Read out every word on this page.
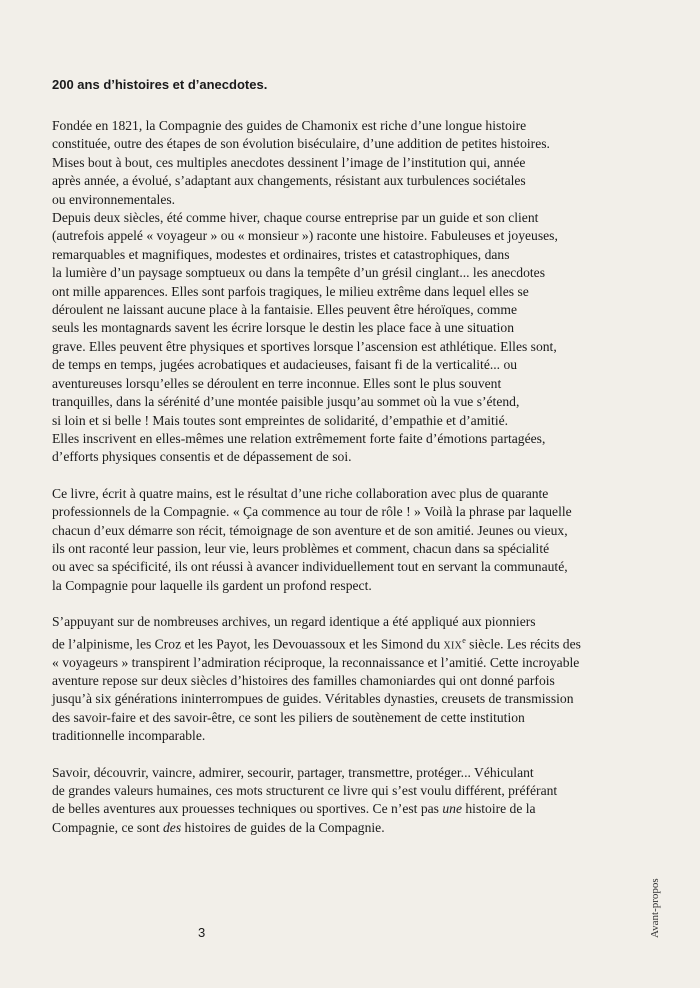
200 ans d’histoires et d’anecdotes.

Fondée en 1821, la Compagnie des guides de Chamonix est riche d’une longue histoire
constituée, outre des étapes de son évolution biséculaire, d’une addition de petites histoires.
Mises bout à bout, ces multiples anecdotes dessinent l’image de l’institution qui, année
après année, a évolué, s’adaptant aux changements, résistant aux turbulences sociétales
ou environnementales.
Depuis deux siècles, été comme hiver, chaque course entreprise par un guide et son client
(autrefois appelé « voyageur » ou « monsieur ») raconte une histoire. Fabuleuses et joyeuses,
remarquables et magnifiques, modestes et ordinaires, tristes et catastrophiques, dans
la lumière d’un paysage somptueux ou dans la tempête d’un grésil cinglant... les anecdotes
ont mille apparences. Elles sont parfois tragiques, le milieu extrême dans lequel elles se
déroulent ne laissant aucune place à la fantaisie. Elles peuvent être héroïques, comme
seuls les montagnards savent les écrire lorsque le destin les place face à une situation
grave. Elles peuvent être physiques et sportives lorsque l’ascension est athlétique. Elles sont,
de temps en temps, jugées acrobatiques et audacieuses, faisant fi de la verticalité... ou
aventureuses lorsqu’elles se déroulent en terre inconnue. Elles sont le plus souvent
tranquilles, dans la sérénité d’une montée paisible jusqu’au sommet où la vue s’étend,
si loin et si belle ! Mais toutes sont empreintes de solidarité, d’empathie et d’amitié.
Elles inscrivent en elles-mêmes une relation extrêmement forte faite d’émotions partagées,
d’efforts physiques consentis et de dépassement de soi.

Ce livre, écrit à quatre mains, est le résultat d’une riche collaboration avec plus de quarante
professionnels de la Compagnie. « Ça commence au tour de rôle ! » Voilà la phrase par laquelle
chacun d’eux démarre son récit, témoignage de son aventure et de son amitié. Jeunes ou vieux,
ils ont raconté leur passion, leur vie, leurs problèmes et comment, chacun dans sa spécialité
ou avec sa spécificité, ils ont réussi à avancer individuellement tout en servant la communauté,
la Compagnie pour laquelle ils gardent un profond respect.

S’appuyant sur de nombreuses archives, un regard identique a été appliqué aux pionniers
de l’alpinisme, les Croz et les Payot, les Devouassoux et les Simond du xix$^e$ siècle. Les récits des
« voyageurs » transpirent l’admiration réciproque, la reconnaissance et l’amitié. Cette incroyable
aventure repose sur deux siècles d’histoires des familles chamoniardes qui ont donné parfois
jusqu’à six générations ininterrompues de guides. Véritables dynasties, creusets de transmission
des savoir-faire et des savoir-être, ce sont les piliers de soutènement de cette institution
traditionnelle incomparable.

Savoir, découvrir, vaincre, admirer, secourir, partager, transmettre, protéger... Véhiculant
de grandes valeurs humaines, ces mots structurent ce livre qui s’est voulu différent, préférant
de belles aventures aux prouesses techniques ou sportives. Ce n’est pas une histoire de la
Compagnie, ce sont des histoires de guides de la Compagnie.

3	Avant-propos
